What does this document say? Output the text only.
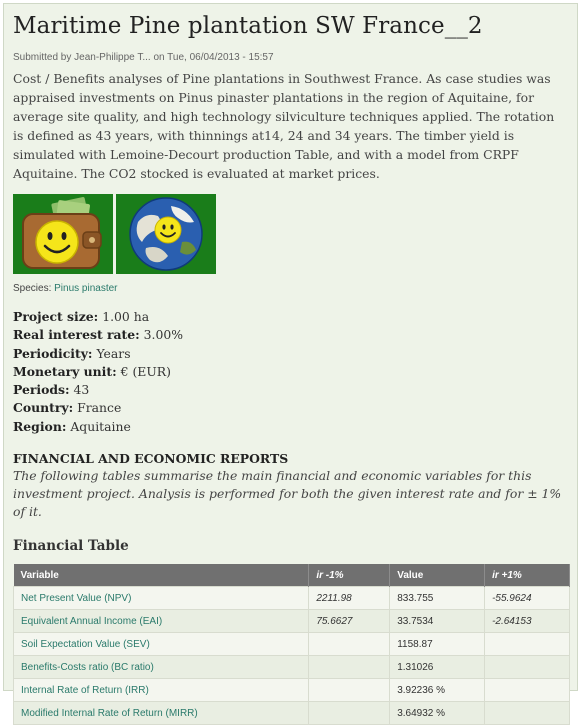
Maritime Pine plantation SW France__2
Submitted by Jean-Philippe T... on Tue, 06/04/2013 - 15:57

Cost / Benefits analyses of Pine plantations in Southwest France. As case studies was appraised investments on Pinus pinaster plantations in the region of Aquitaine, for average site quality, and high technology silviculture techniques applied. The rotation is defined as 43 years, with thinnings at14, 24 and 34 years. The timber yield is simulated with Lemoine-Decourt production Table, and with a model from CRPF Aquitaine. The CO2 stocked is evaluated at market prices.

Species: Pinus pinaster
Project size: 1.00 ha
Real interest rate: 3.00%
Periodicity: Years
Monetary unit: € (EUR)
Periods: 43
Country: France
Region: Aquitaine
FINANCIAL AND ECONOMIC REPORTS

The following tables summarise the main financial and economic variables for this investment project. Analysis is performed for both the given interest rate and for ± 1% of it.

Financial Table
Variable	ir -1%	Value	ir +1%
Net Present Value (NPV)	2211.98	833.755	-55.9624
Equivalent Annual Income (EAI)	75.6627	33.7534	-2.64153
Soil Expectation Value (SEV)		1158.87	
Benefits-Costs ratio (BC ratio)		1.31026	
Internal Rate of Return (IRR)		3.92236 %	
Modified Internal Rate of Return (MIRR)		3.64932 %	
